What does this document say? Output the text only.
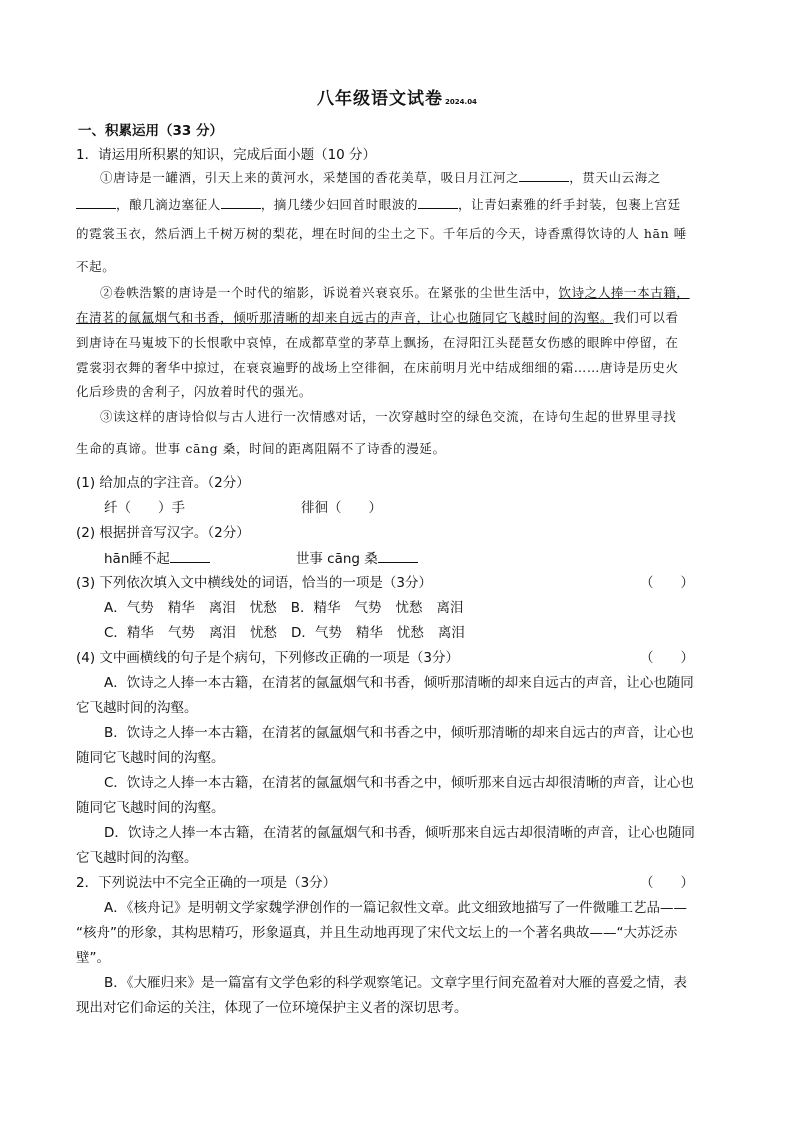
八年级语文试卷 2024.04
一、积累运用（33 分）
1．请运用所积累的知识，完成后面小题（10 分）
①唐诗是一罐酒，引天上来的黄河水，采楚国的香花美草，吸日月江河之	，贯天山云海之
，酿几滴边塞征人	，摘几缕少妇回首时眼波的	，让青妇素雅的纤手封装，包裹上宫廷
的霓裳玉衣，然后洒上千树万树的梨花，埋在时间的尘土之下。千年后的今天，诗香熏得饮诗的人 hān 唾
不起。
②卷帙浩繁的唐诗是一个时代的缩影，诉说着兴衰哀乐。在紧张的尘世生活中，饮诗之人捧一本古籍，
在清茗的氤氲烟气和书香，倾听那清晰的却来自远古的声音，让心也随同它飞越时间的沟壑。我们可以看
到唐诗在马嵬坡下的长恨歌中哀悼，在成都草堂的茅草上飘扬，在浔阳江头琵琶女伤感的眼眸中停留，在
霓裳羽衣舞的奢华中掠过，在衰哀遍野的战场上空徘徊，在床前明月光中结成细细的霜……唐诗是历史火
化后珍贵的舍利子，闪放着时代的强光。
③读这样的唐诗恰似与古人进行一次情感对话，一次穿越时空的绿色交流，在诗句生起的世界里寻找
生命的真谛。世事 cāng 桑，时间的距离阻隔不了诗香的漫延。
(1) 给加点的字注音。（2分）
纤（　　）手	徘徊（　　）
(2) 根据拼音写汉字。（2分）
hān睡不起	世事 cāng 桑
(3) 下列依次填入文中横线处的词语，恰当的一项是（3分）	（　　）
A．气势 精华 离泪 忧愁 B．精华 气势 忧愁 离泪
C．精华 气势 离泪 忧愁 D．气势 精华 忧愁 离泪
(4) 文中画横线的句子是个病句，下列修改正确的一项是（3分）	（　　）
A．饮诗之人捧一本古籍，在清茗的氤氲烟气和书香，倾听那清晰的却来自远古的声音，让心也随同
它飞越时间的沟壑。
B．饮诗之人捧一本古籍，在清茗的氤氲烟气和书香之中，倾听那清晰的却来自远古的声音，让心也
随同它飞越时间的沟壑。
C．饮诗之人捧一本古籍，在清茗的氤氲烟气和书香之中，倾听那来自远古却很清晰的声音，让心也
随同它飞越时间的沟壑。
D．饮诗之人捧一本古籍，在清茗的氤氲烟气和书香，倾听那来自远古却很清晰的声音，让心也随同
它飞越时间的沟壑。
2．下列说法中不完全正确的一项是（3分）	（　　）
A．《核舟记》是明朝文学家魏学洢创作的一篇记叙性文章。此文细致地描写了一件微雕工艺品——
“核舟”的形象，其构思精巧，形象逼真，并且生动地再现了宋代文坛上的一个著名典故——“大苏泛赤
壁”。
B．《大雁归来》是一篇富有文学色彩的科学观察笔记。文章字里行间充盈着对大雁的喜爱之情，表
现出对它们命运的关注，体现了一位环境保护主义者的深切思考。
